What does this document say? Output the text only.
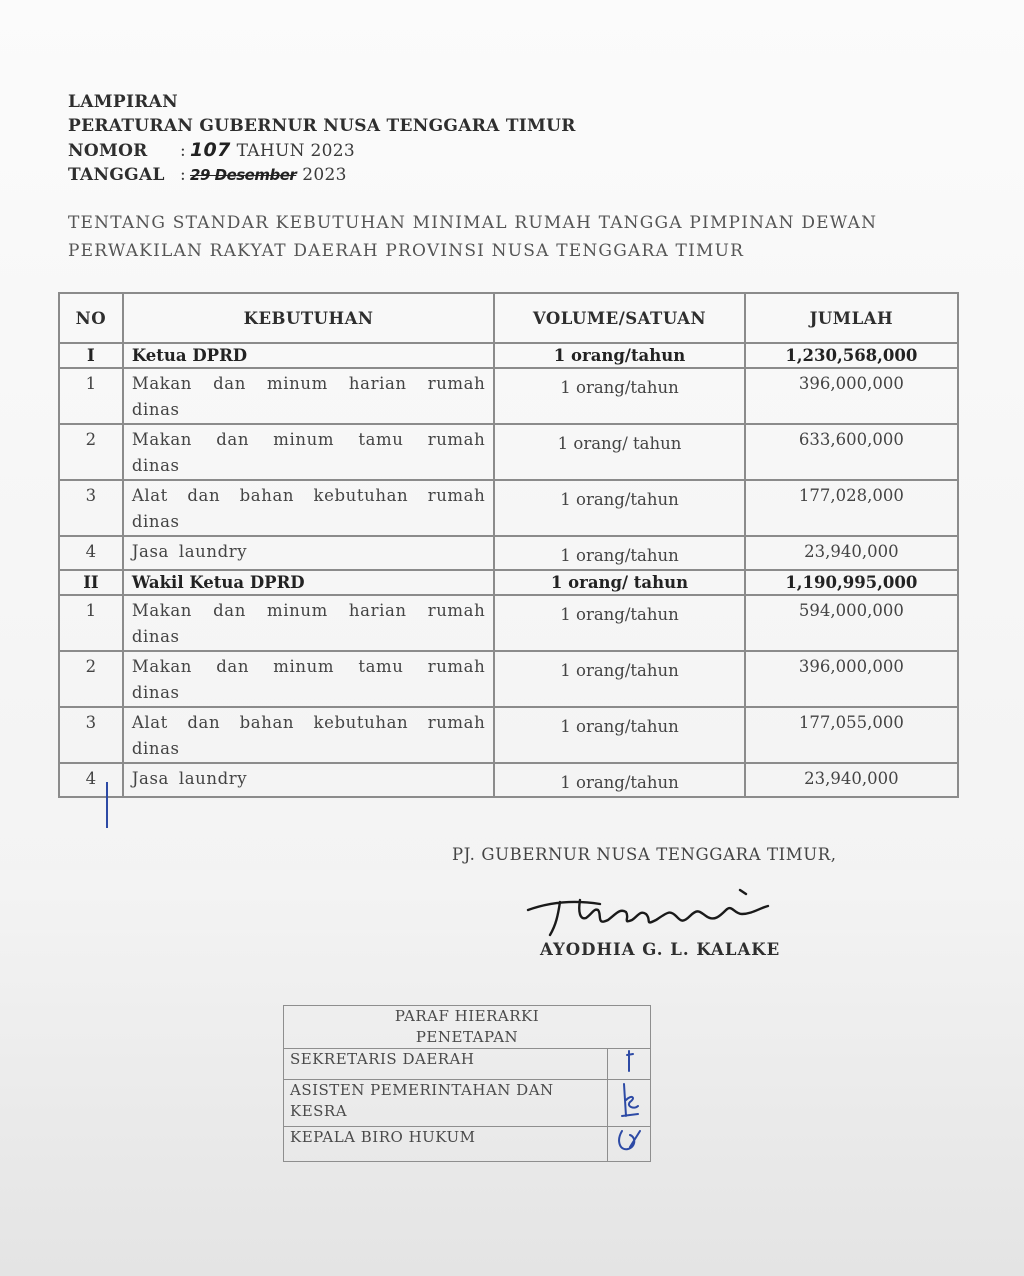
LAMPIRAN
PERATURAN GUBERNUR NUSA TENGGARA TIMUR
NOMOR	: 107 TAHUN 2023
TANGGAL : 29 Desember 2023
TENTANG STANDAR KEBUTUHAN MINIMAL RUMAH TANGGA PIMPINAN DEWAN PERWAKILAN RAKYAT DAERAH PROVINSI NUSA TENGGARA TIMUR
NO	KEBUTUHAN	VOLUME/SATUAN	JUMLAH
I	Ketua DPRD	1 orang/tahun	1,230,568,000
1	Makan dan minum harian rumah dinas	1 orang/tahun	396,000,000
2	Makan dan minum tamu rumah dinas	1 orang/ tahun	633,600,000
3	Alat dan bahan kebutuhan rumah dinas	1 orang/tahun	177,028,000
4	Jasa laundry	1 orang/tahun	23,940,000
II	Wakil Ketua DPRD	1 orang/ tahun	1,190,995,000
1	Makan dan minum harian rumah dinas	1 orang/tahun	594,000,000
2	Makan dan minum tamu rumah dinas	1 orang/tahun	396,000,000
3	Alat dan bahan kebutuhan rumah dinas	1 orang/tahun	177,055,000
4	Jasa laundry	1 orang/tahun	23,940,000
PJ. GUBERNUR NUSA TENGGARA TIMUR,
AYODHIA G. L. KALAKE
PARAF HIERARKI
PENETAPAN	

SEKRETARIS DAERAH	
ASISTEN PEMERINTAHAN DAN KESRA	
KEPALA BIRO HUKUM	
